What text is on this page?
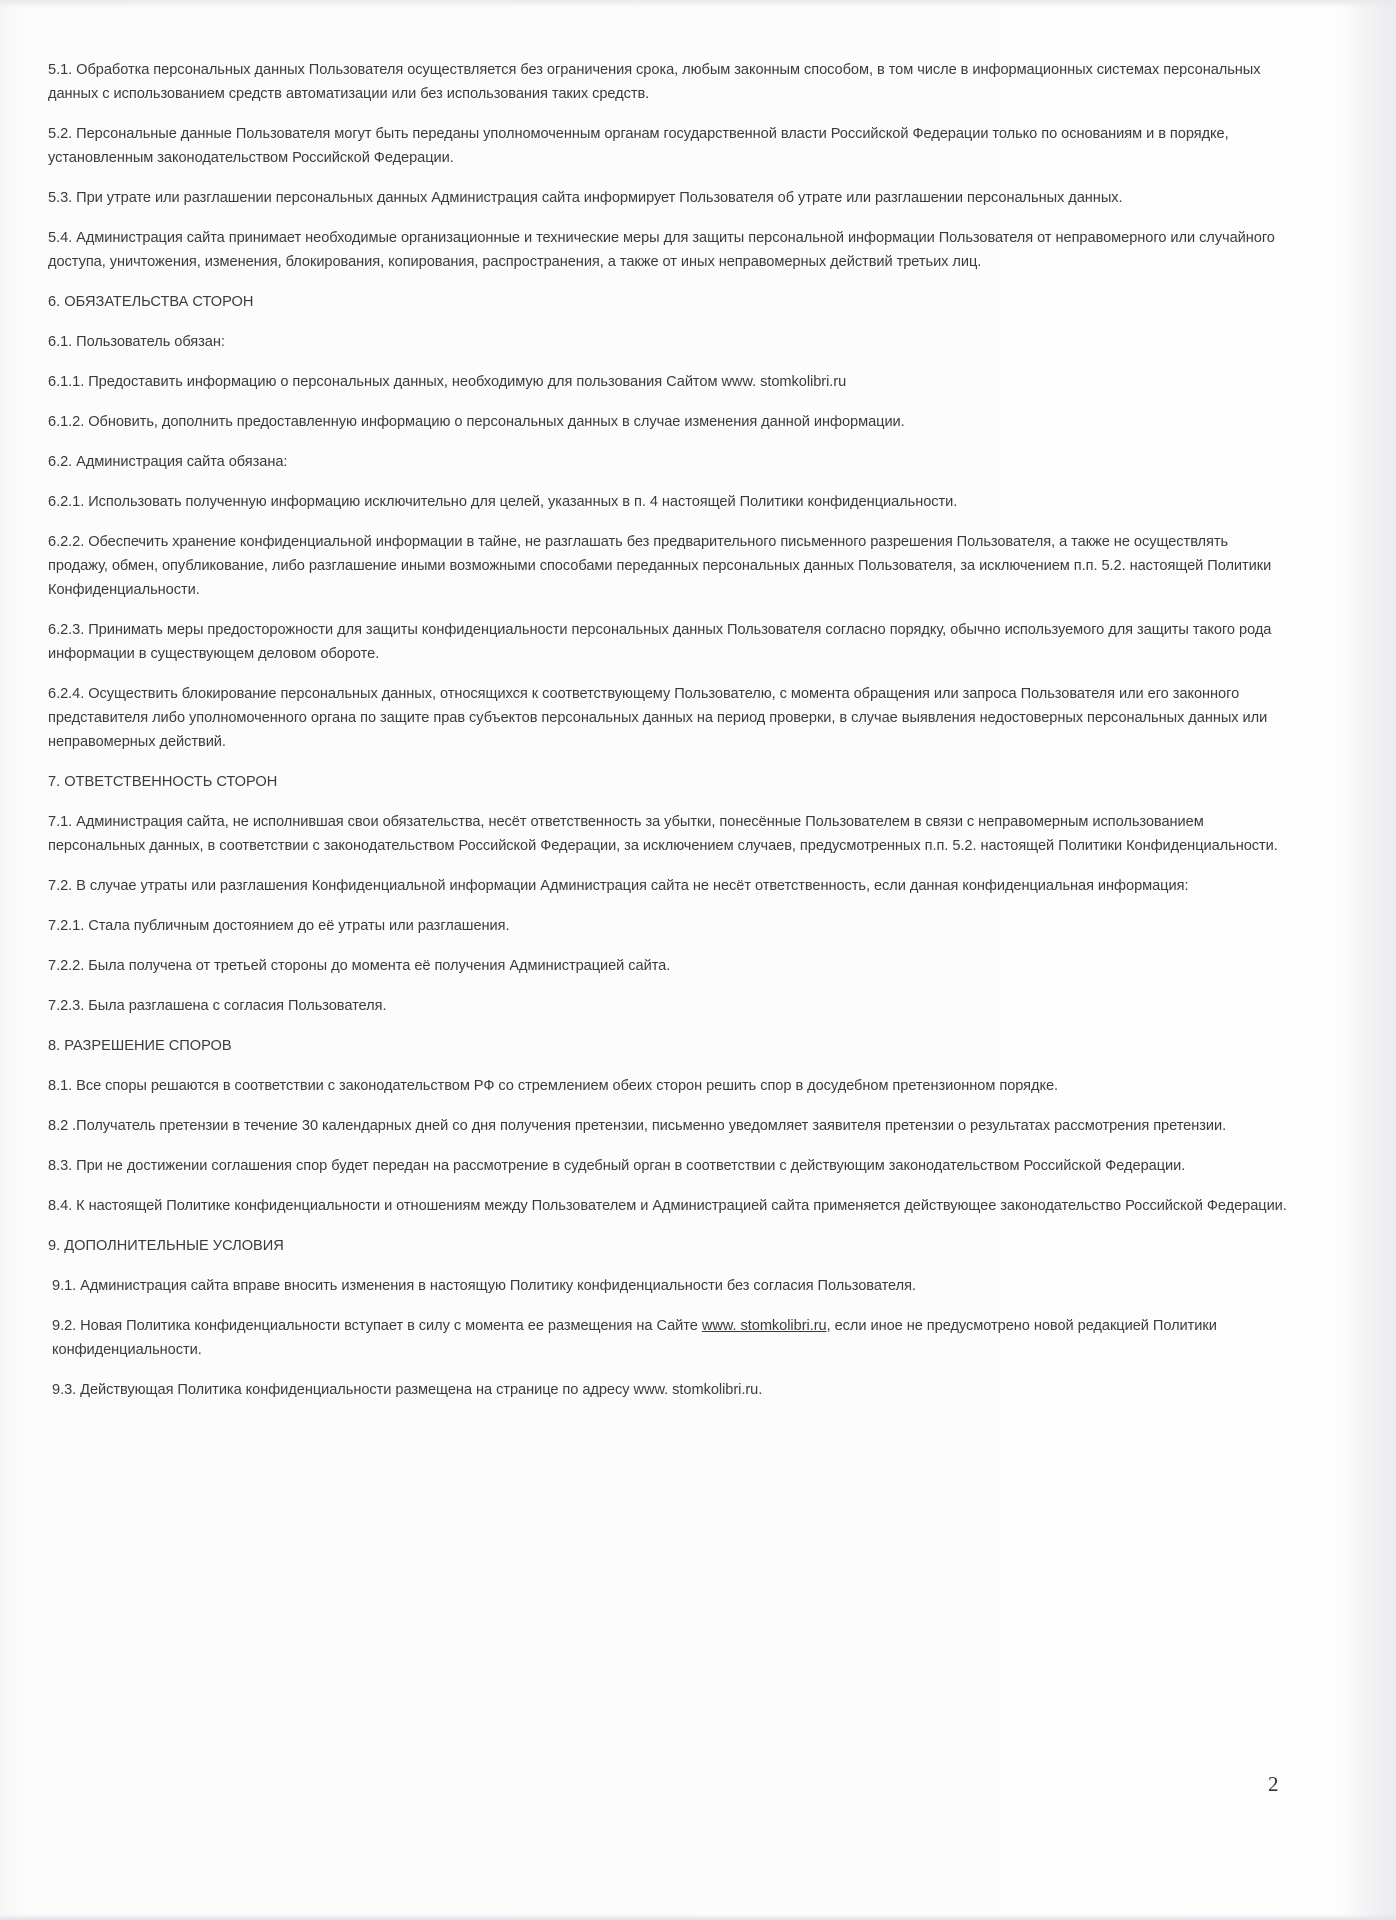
5.1. Обработка персональных данных Пользователя осуществляется без ограничения срока, любым законным способом, в том числе в информационных системах персональных данных с использованием средств автоматизации или без использования таких средств.

5.2. Персональные данные Пользователя могут быть переданы уполномоченным органам государственной власти Российской Федерации только по основаниям и в порядке, установленным законодательством Российской Федерации.

5.3. При утрате или разглашении персональных данных Администрация сайта информирует Пользователя об утрате или разглашении персональных данных.

5.4. Администрация сайта принимает необходимые организационные и технические меры для защиты персональной информации Пользователя от неправомерного или случайного доступа, уничтожения, изменения, блокирования, копирования, распространения, а также от иных неправомерных действий третьих лиц.

6. ОБЯЗАТЕЛЬСТВА СТОРОН

6.1. Пользователь обязан:

6.1.1. Предоставить информацию о персональных данных, необходимую для пользования Сайтом www. stomkolibri.ru

6.1.2. Обновить, дополнить предоставленную информацию о персональных данных в случае изменения данной информации.

6.2. Администрация сайта обязана:

6.2.1. Использовать полученную информацию исключительно для целей, указанных в п. 4 настоящей Политики конфиденциальности.

6.2.2. Обеспечить хранение конфиденциальной информации в тайне, не разглашать без предварительного письменного разрешения Пользователя, а также не осуществлять продажу, обмен, опубликование, либо разглашение иными возможными способами переданных персональных данных Пользователя, за исключением п.п. 5.2. настоящей Политики Конфиденциальности.

6.2.3. Принимать меры предосторожности для защиты конфиденциальности персональных данных Пользователя согласно порядку, обычно используемого для защиты такого рода информации в существующем деловом обороте.

6.2.4. Осуществить блокирование персональных данных, относящихся к соответствующему Пользователю, с момента обращения или запроса Пользователя или его законного представителя либо уполномоченного органа по защите прав субъектов персональных данных на период проверки, в случае выявления недостоверных персональных данных или неправомерных действий.

7. ОТВЕТСТВЕННОСТЬ СТОРОН

7.1. Администрация сайта, не исполнившая свои обязательства, несёт ответственность за убытки, понесённые Пользователем в связи с неправомерным использованием персональных данных, в соответствии с законодательством Российской Федерации, за исключением случаев, предусмотренных п.п. 5.2. настоящей Политики Конфиденциальности.

7.2. В случае утраты или разглашения Конфиденциальной информации Администрация сайта не несёт ответственность, если данная конфиденциальная информация:

7.2.1. Стала публичным достоянием до её утраты или разглашения.

7.2.2. Была получена от третьей стороны до момента её получения Администрацией сайта.

7.2.3. Была разглашена с согласия Пользователя.

8. РАЗРЕШЕНИЕ СПОРОВ

8.1. Все споры решаются в соответствии с законодательством РФ со стремлением обеих сторон решить спор в досудебном претензионном порядке.

8.2 .Получатель претензии в течение 30 календарных дней со дня получения претензии, письменно уведомляет заявителя претензии о результатах рассмотрения претензии.

8.3. При не достижении соглашения спор будет передан на рассмотрение в судебный орган в соответствии с действующим законодательством Российской Федерации.

8.4. К настоящей Политике конфиденциальности и отношениям между Пользователем и Администрацией сайта применяется действующее законодательство Российской Федерации.

9. ДОПОЛНИТЕЛЬНЫЕ УСЛОВИЯ

9.1. Администрация сайта вправе вносить изменения в настоящую Политику конфиденциальности без согласия Пользователя.

9.2. Новая Политика конфиденциальности вступает в силу с момента ее размещения на Сайте www. stomkolibri.ru, если иное не предусмотрено новой редакцией Политики конфиденциальности.

9.3. Действующая Политика конфиденциальности размещена на странице по адресу www. stomkolibri.ru.

2
